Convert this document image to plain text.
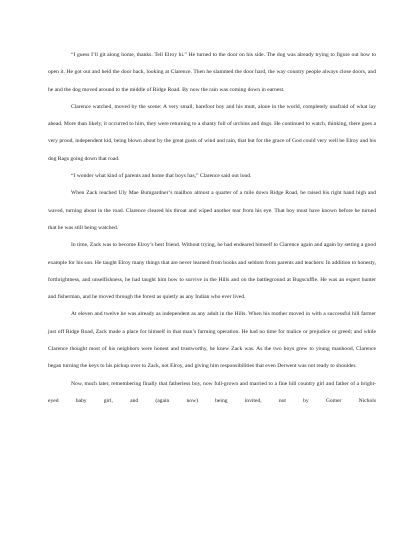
“I guess I’ll git along home, thanks. Tell Elroy hi.” He turned to the door on his side. The dog was already trying to figure out how to open it. He got out and held the door back, looking at Clarence. Then he slammed the door hard, the way country people always close doors, and he and the dog moved around to the middle of Ridge Road. By now the rain was coming down in earnest.

Clarence watched, moved by the scene: A very small, barefoot boy and his mutt, alone in the world, completely unafraid of what lay ahead. More than likely, it occurred to him, they were returning to a shanty full of urchins and dogs. He continued to watch, thinking, there goes a very proud, independent kid, being blown about by the great gusts of wind and rain, that but for the grace of God could very well be Elroy and his dog Rags going down that road.

“I wonder what kind of parents and home that boys has,” Clarence said out loud.

When Zack reached Uly Mae Bumgardner’s mailbox almost a quarter of a mile down Ridge Road, he raised his right hand high and waved, turning about in the road. Clarence cleared his throat and wiped another tear from his eye. That boy must have known before he turned that he was still being watched.

In time, Zack was to become Elroy’s best friend. Without trying, he had endeared himself to Clarence again and again by setting a good example for his son. He taught Elroy many things that are never learned from books and seldom from parents and teachers: In addition to honesty, forthrightness, and unselfishness, he had taught him how to survive in the Hills and on the battleground at Bugscuffle. He was an expert hunter and fisherman, and he moved through the forest as quietly as any Indian who ever lived.

At eleven and twelve he was already as independent as any adult in the Hills. When his mother moved in with a successful hill farmer just off Ridge Road, Zack made a place for himself in that man’s farming operation. He had no time for malice or prejudice or greed; and while Clarence thought most of his neighbors were honest and trustworthy, he knew Zack was. As the two boys grew to young manhood, Clarence began turning the keys to his pickup over to Zack, not Elroy, and giving him responsibilities that even Derwent was not ready to shoulder.

Now, much later, remembering finally that fatherless boy, now full-grown and married to a fine hill country girl and father of a bright-eyed baby girl, and (again now) being invited, not by Gomer Nichols
